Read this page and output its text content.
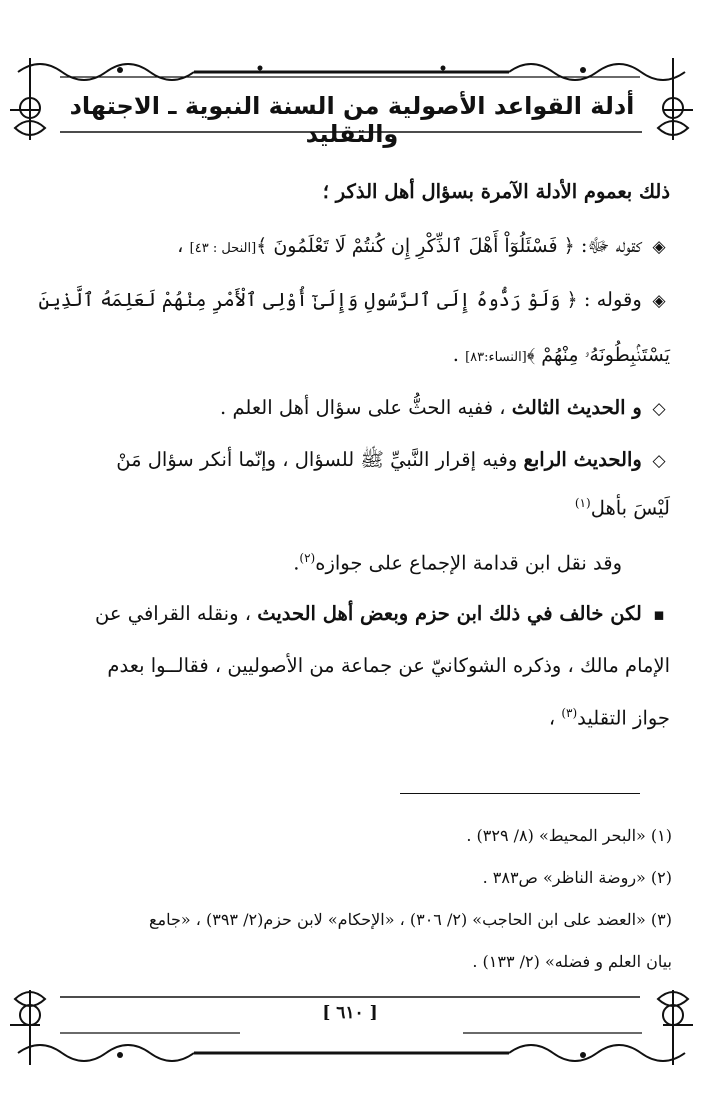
أدلة القواعد الأصولية من السنة النبوية ـ الاجتهاد والتقليد
ذلك بعموم الأدلة الآمرة بسؤال أهل الذكر ؛
◈ كقوله ﷻ: ﴿ فَسْئَلُوٓاْ أَهْلَ ٱلذِّكْرِ إِن كُنتُمْ لَا تَعْلَمُونَ ﴾[النحل : ٤٣] ،
◈ وقوله : ﴿ وَلَوْ رَدُّوهُ إِلَى ٱلرَّسُولِ وَإِلَىٰٓ أُوْلِى ٱلْأَمْرِ مِنْهُمْ لَعَلِمَهُ ٱلَّذِينَ
يَسْتَنۢبِطُونَهُۥ مِنْهُمْ ﴾[النساء:٨٣] .
◇ و الحديث الثالث ، ففيه الحثُّ على سؤال أهل العلم .
◇ والحديث الرابع وفيه إقرار النَّبيِّ ﷺ للسؤال ، وإنّما أنكر سؤال مَنْ
لَيْسَ بأهل$^{(١)}$
وقد نقل ابن قدامة الإجماع على جوازه$^{(٢)}$.
▪ لكن خالف في ذلك ابن حزم وبعض أهل الحديث ، ونقله القرافي عن
الإمام مالك ، وذكره الشوكانيّ عن جماعة من الأصوليين ، فقالــوا بعدم
جواز التقليد$^{(٣)}$ ،
(١) «البحر المحيط» (٨/ ٣٢٩) .
(٢) «روضة الناظر» ص٣٨٣ .
(٣) «العضد على ابن الحاجب» (٢/ ٣٠٦) ، «الإحكام» لابن حزم(٢/ ٣٩٣) ، «جامع
بيان العلم و فضله» (٢/ ١٣٣) .
[ ٦١٠ ]
